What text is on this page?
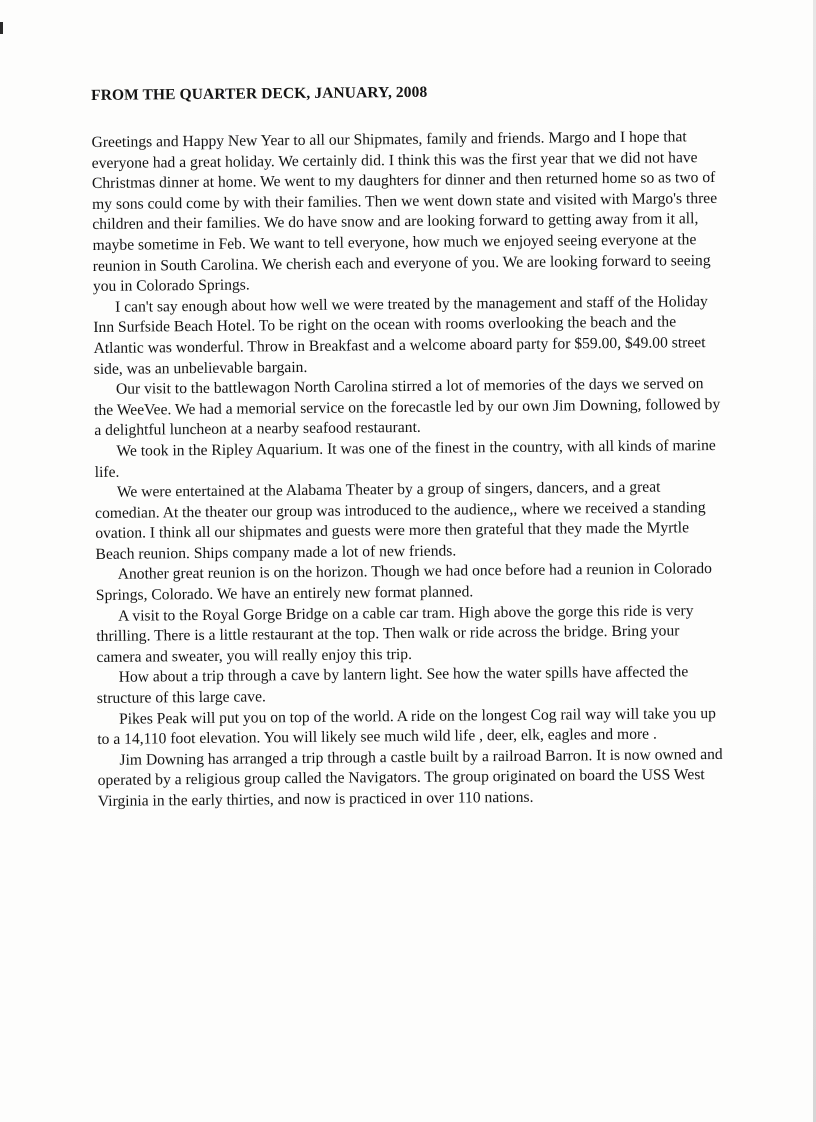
FROM THE QUARTER DECK, JANUARY, 2008

Greetings and Happy New Year to all our Shipmates, family and friends. Margo and I hope that everyone had a great holiday. We certainly did. I think this was the first year that we did not have Christmas dinner at home. We went to my daughters for dinner and then returned home so as two of my sons could come by with their families. Then we went down state and visited with Margo's three children and their families. We do have snow and are looking forward to getting away from it all, maybe sometime in Feb. We want to tell everyone, how much we enjoyed seeing everyone at the reunion in South Carolina. We cherish each and everyone of you. We are looking forward to seeing you in Colorado Springs.

I can't say enough about how well we were treated by the management and staff of the Holiday Inn Surfside Beach Hotel. To be right on the ocean with rooms overlooking the beach and the Atlantic was wonderful. Throw in Breakfast and a welcome aboard party for $59.00, $49.00 street side, was an unbelievable bargain.

Our visit to the battlewagon North Carolina stirred a lot of memories of the days we served on the WeeVee. We had a memorial service on the forecastle led by our own Jim Downing, followed by a delightful luncheon at a nearby seafood restaurant.

We took in the Ripley Aquarium. It was one of the finest in the country, with all kinds of marine life.

We were entertained at the Alabama Theater by a group of singers, dancers, and a great comedian. At the theater our group was introduced to the audience,, where we received a standing ovation. I think all our shipmates and guests were more then grateful that they made the Myrtle Beach reunion. Ships company made a lot of new friends.

Another great reunion is on the horizon. Though we had once before had a reunion in Colorado Springs, Colorado. We have an entirely new format planned.

A visit to the Royal Gorge Bridge on a cable car tram. High above the gorge this ride is very thrilling. There is a little restaurant at the top. Then walk or ride across the bridge. Bring your camera and sweater, you will really enjoy this trip.

How about a trip through a cave by lantern light. See how the water spills have affected the structure of this large cave.

Pikes Peak will put you on top of the world. A ride on the longest Cog rail way will take you up to a 14,110 foot elevation. You will likely see much wild life , deer, elk, eagles and more .

Jim Downing has arranged a trip through a castle built by a railroad Barron. It is now owned and operated by a religious group called the Navigators. The group originated on board the USS West Virginia in the early thirties, and now is practiced in over 110 nations.
